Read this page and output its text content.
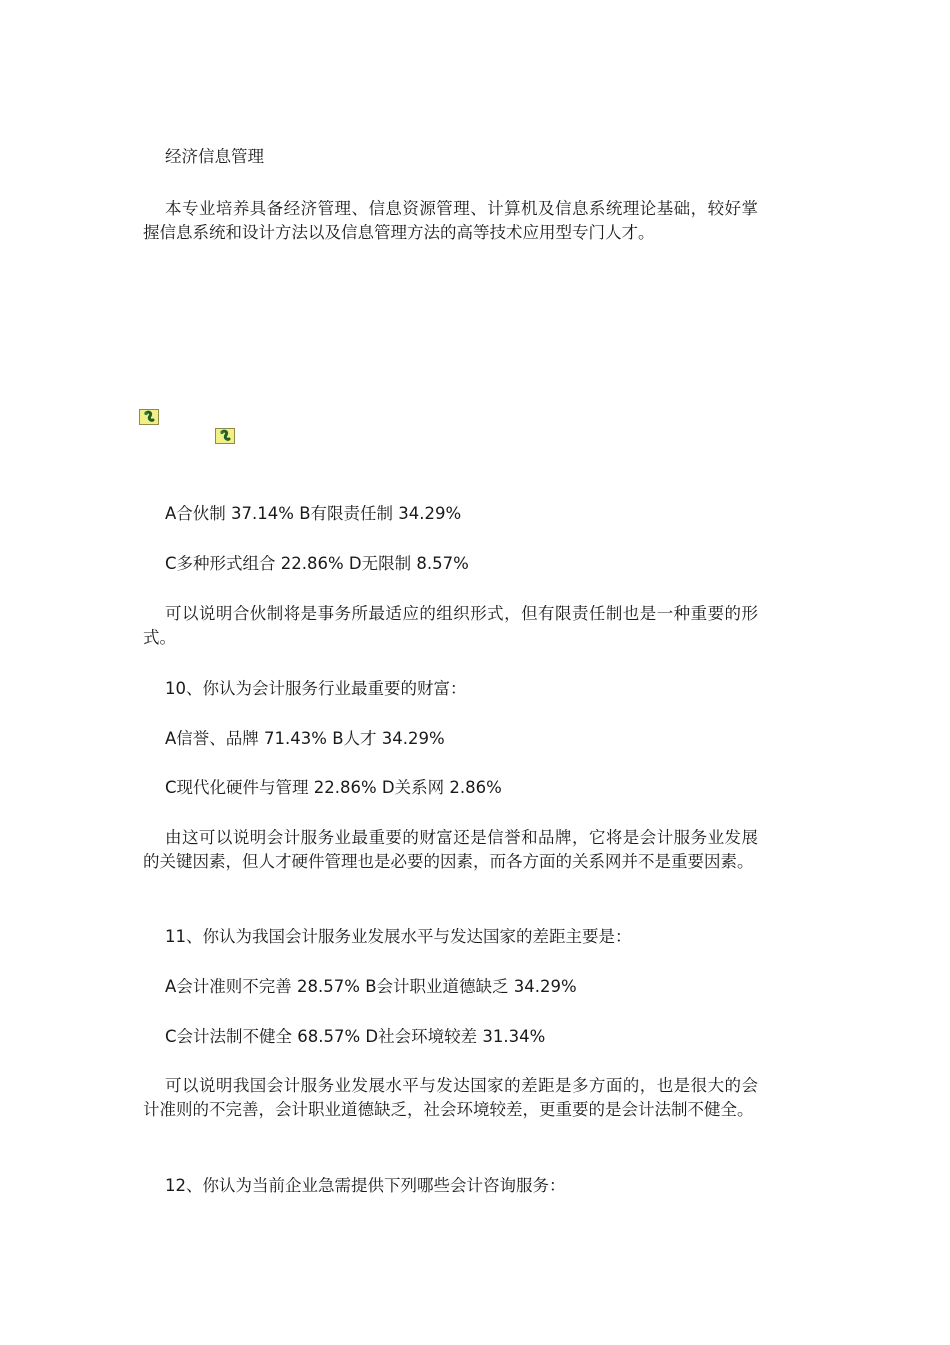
经济信息管理

本专业培养具备经济管理、信息资源管理、计算机及信息系统理论基础，较好掌握信息系统和设计方法以及信息管理方法的高等技术应用型专门人才。

A合伙制 37.14% B有限责任制 34.29%

C多种形式组合 22.86% D无限制 8.57%

可以说明合伙制将是事务所最适应的组织形式，但有限责任制也是一种重要的形式。

10、你认为会计服务行业最重要的财富：

A信誉、品牌 71.43% B人才 34.29%

C现代化硬件与管理 22.86% D关系网 2.86%

由这可以说明会计服务业最重要的财富还是信誉和品牌，它将是会计服务业发展的关键因素，但人才硬件管理也是必要的因素，而各方面的关系网并不是重要因素。

11、你认为我国会计服务业发展水平与发达国家的差距主要是：

A会计准则不完善 28.57% B会计职业道德缺乏 34.29%

C会计法制不健全 68.57% D社会环境较差 31.34%

可以说明我国会计服务业发展水平与发达国家的差距是多方面的，也是很大的会计准则的不完善，会计职业道德缺乏，社会环境较差，更重要的是会计法制不健全。

12、你认为当前企业急需提供下列哪些会计咨询服务：
